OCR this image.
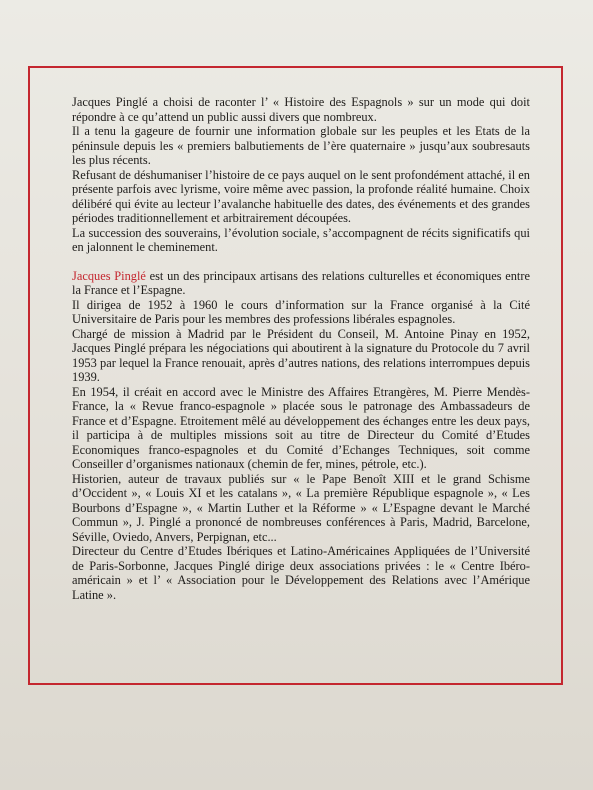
Jacques Pinglé a choisi de raconter l’ « Histoire des Espagnols » sur un mode qui doit répondre à ce qu’attend un public aussi divers que nombreux.

Il a tenu la gageure de fournir une information globale sur les peuples et les Etats de la péninsule depuis les « premiers balbutiements de l’ère quaternaire » jusqu’aux soubresauts les plus récents.

Refusant de déshumaniser l’histoire de ce pays auquel on le sent profondément attaché, il en présente parfois avec lyrisme, voire même avec passion, la profonde réalité humaine. Choix délibéré qui évite au lecteur l’avalanche habituelle des dates, des événements et des grandes périodes traditionnellement et arbitrairement découpées.

La succession des souverains, l’évolution sociale, s’accompagnent de récits significatifs qui en jalonnent le cheminement.

Jacques Pinglé est un des principaux artisans des relations culturelles et économiques entre la France et l’Espagne.

Il dirigea de 1952 à 1960 le cours d’information sur la France organisé à la Cité Universitaire de Paris pour les membres des professions libérales espagnoles.

Chargé de mission à Madrid par le Président du Conseil, M. Antoine Pinay en 1952, Jacques Pinglé prépara les négociations qui aboutirent à la signature du Protocole du 7 avril 1953 par lequel la France renouait, après d’autres nations, des relations interrompues depuis 1939.

En 1954, il créait en accord avec le Ministre des Affaires Etrangères, M. Pierre Mendès-France, la « Revue franco-espagnole » placée sous le patronage des Ambassadeurs de France et d’Espagne. Etroitement mêlé au développement des échanges entre les deux pays, il participa à de multiples missions soit au titre de Directeur du Comité d’Etudes Economiques franco-espagnoles et du Comité d’Echanges Techniques, soit comme Conseiller d’organismes nationaux (chemin de fer, mines, pétrole, etc.).

Historien, auteur de travaux publiés sur « le Pape Benoît XIII et le grand Schisme d’Occident », « Louis XI et les catalans », « La première République espagnole », « Les Bourbons d’Espagne », « Martin Luther et la Réforme » « L’Espagne devant le Marché Commun », J. Pinglé a prononcé de nombreuses conférences à Paris, Madrid, Barcelone, Séville, Oviedo, Anvers, Perpignan, etc...

Directeur du Centre d’Etudes Ibériques et Latino-Américaines Appliquées de l’Université de Paris-Sorbonne, Jacques Pinglé dirige deux associations privées : le « Centre Ibéro-américain » et l’ « Association pour le Développement des Relations avec l’Amérique Latine ».
